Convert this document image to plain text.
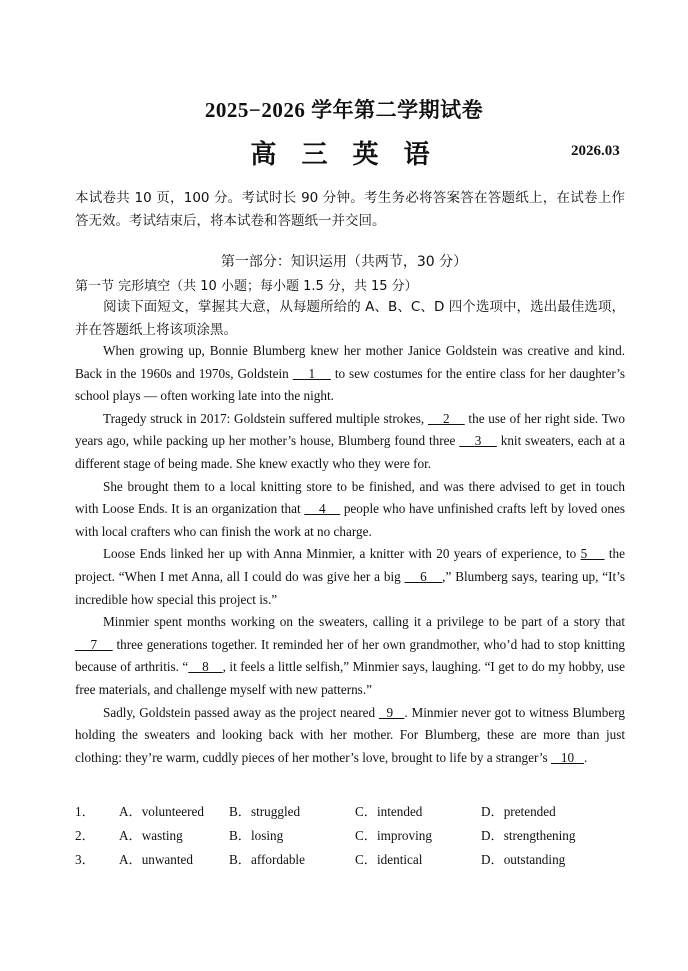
2025−2026 学年第二学期试卷
高 三 英 语	2026.03
本试卷共 10 页，100 分。考试时长 90 分钟。考生务必将答案答在答题纸上，在试卷上作答无效。考试结束后，将本试卷和答题纸一并交回。
第一部分：知识运用（共两节，30 分）
第一节 完形填空（共 10 小题；每小题 1.5 分，共 15 分）
阅读下面短文，掌握其大意，从每题所给的 A、B、C、D 四个选项中，选出最佳选项，并在答题纸上将该项涂黑。

When growing up, Bonnie Blumberg knew her mother Janice Goldstein was creative and kind. Back in the 1960s and 1970s, Goldstein     1     to sew costumes for the entire class for her daughter’s school plays — often working late into the night.

Tragedy struck in 2017: Goldstein suffered multiple strokes,     2     the use of her right side. Two years ago, while packing up her mother’s house, Blumberg found three     3     knit sweaters, each at a different stage of being made. She knew exactly who they were for.

She brought them to a local knitting store to be finished, and was there advised to get in touch with Loose Ends. It is an organization that     4     people who have unfinished crafts left by loved ones with local crafters who can finish the work at no charge.

Loose Ends linked her up with Anna Minmier, a knitter with 20 years of experience, to 5     the project. “When I met Anna, all I could do was give her a big     6    ,” Blumberg says, tearing up, “It’s incredible how special this project is.”

Minmier spent months working on the sweaters, calling it a privilege to be part of a story that     7     three generations together. It reminded her of her own grandmother, who’d had to stop knitting because of arthritis. “    8    , it feels a little selfish,” Minmier says, laughing. “I get to do my hobby, use free materials, and challenge myself with new patterns.”

Sadly, Goldstein passed away as the project neared   9   . Minmier never got to witness Blumberg holding the sweaters and looking back with her mother. For Blumberg, these are more than just clothing: they’re warm, cuddly pieces of her mother’s love, brought to life by a stranger’s    10   .

1．	A．volunteered	B．struggled	C．intended	D．pretended
2．	A．wasting	B．losing	C．improving	D．strengthening
3．	A．unwanted	B．affordable	C．identical	D．outstanding
